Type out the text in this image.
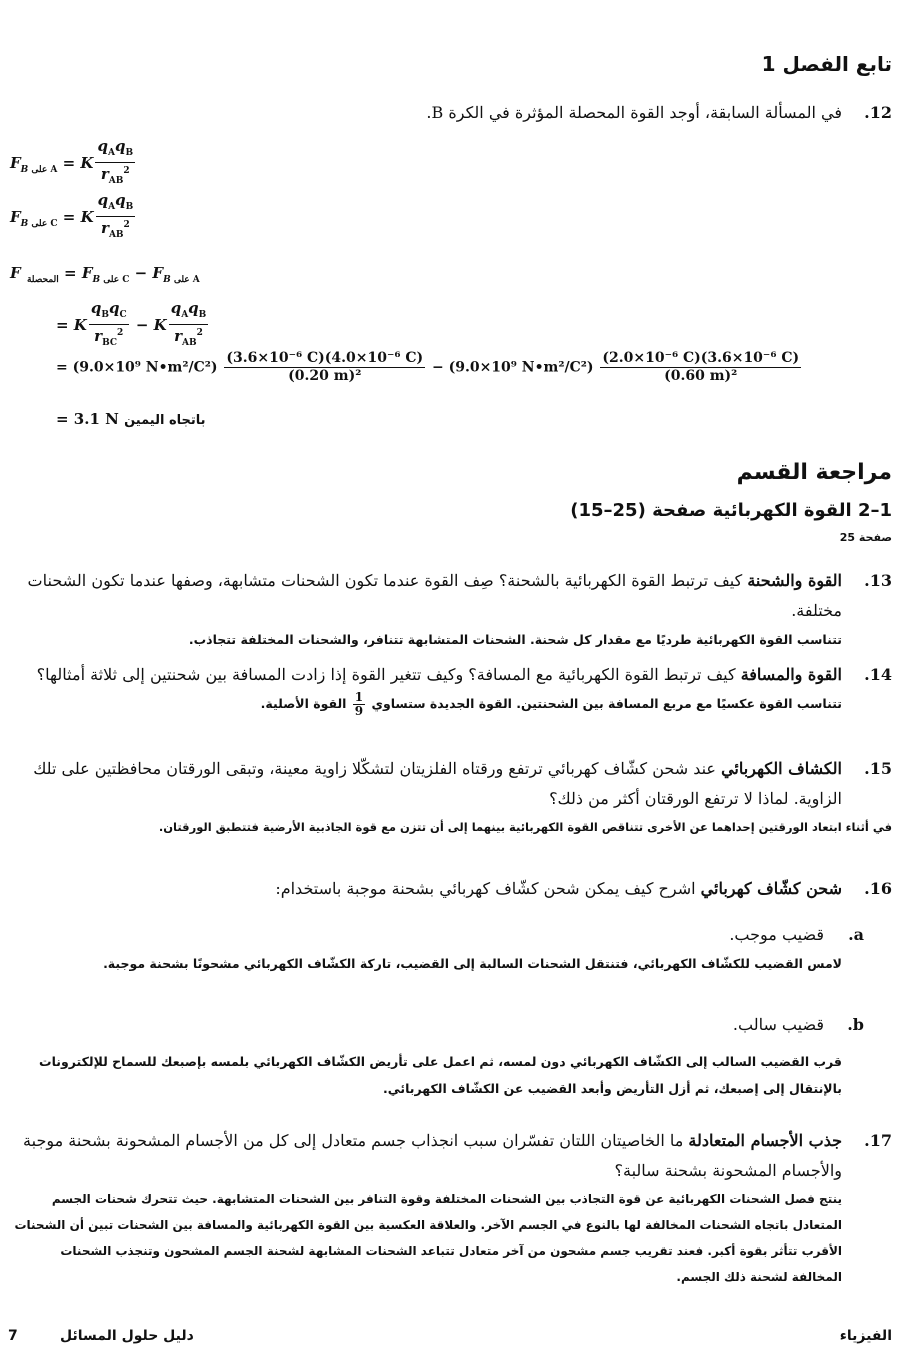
تابع الفصل 1
.12
في المسألة السابقة، أوجد القوة المحصلة المؤثرة في الكرة B.
$F_{B على A} = K \frac{q_Aq_B}{r_{AB}^2}$
$F_{B على C} = K \frac{q_Aq_B}{r_{AB}^2}$
F $_{المحصلة} = F_{B على C} - F_{B على A}$
= K $\frac{q_Bq_C}{r_{BC}^2} - K \frac{q_Aq_B}{r_{AB}^2}$
= (9.0×10⁹ N•m²/C²) $\frac{\text{(3.6×10⁻⁶ C)(4.0×10⁻⁶ C)}}{\text{(0.20 m)²}} - (9.0\times 10^9$ N•m²/C²) $\frac{\text{(2.0×10⁻⁶ C)(3.6×10⁻⁶ C)}}{\text{(0.60 m)²}}$
= 3.1 N باتجاه اليمين
مراجعة القسم
1–2 القوة الكهربائية صفحة (25–15)
صفحة 25
.13
القوة والشحنة كيف ترتبط القوة الكهربائية بالشحنة؟ صِف القوة عندما تكون الشحنات متشابهة، وصفها عندما تكون الشحنات مختلفة.
تتناسب القوة الكهربائية طرديًا مع مقدار كل شحنة. الشحنات المتشابهة تتنافر، والشحنات المختلفة تتجاذب.
.14
القوة والمسافة كيف ترتبط القوة الكهربائية مع المسافة؟ وكيف تتغير القوة إذا زادت المسافة بين شحنتين إلى ثلاثة أمثالها؟
تتناسب القوة عكسيًا مع مربع المسافة بين الشحنتين. القوة الجديدة ستساوي
$\frac{1}{9}$
القوة الأصلية.
.15
الكشاف الكهربائي عند شحن كشّاف كهربائي ترتفع ورقتاه الفلزيتان لتشكّلا زاوية معينة، وتبقى الورقتان محافظتين على تلك الزاوية. لماذا لا ترتفع الورقتان أكثر من ذلك؟
في أثناء ابتعاد الورقتين إحداهما عن الأخرى تتناقص القوة الكهربائية بينهما إلى أن تتزن مع قوة الجاذبية الأرضية فتتطبق الورقتان.
.16
شحن كشّاف كهربائي اشرح كيف يمكن شحن كشّاف كهربائي بشحنة موجبة باستخدام:
.a
قضيب موجب.
لامس القضيب للكشّاف الكهربائي، فتنتقل الشحنات السالبة إلى القضيب، تاركة الكشّاف الكهربائي مشحونًا بشحنة موجبة.
.b
قضيب سالب.
قرب القضيب السالب إلى الكشّاف الكهربائي دون لمسه، ثم اعمل على تأريض الكشّاف الكهربائي بلمسه بإصبعك للسماح للإلكترونات بالإنتقال إلى إصبعك، ثم أزل التأريض وأبعد القضيب عن الكشّاف الكهربائي.
.17
جذب الأجسام المتعادلة ما الخاصيتان اللتان تفسّران سبب انجذاب جسم متعادل إلى كل من الأجسام المشحونة بشحنة موجبة والأجسام المشحونة بشحنة سالبة؟
ينتج فصل الشحنات الكهربائية عن قوة التجاذب بين الشحنات المختلفة وقوة التنافر بين الشحنات المتشابهة. حيث تتحرك شحنات الجسم المتعادل باتجاه الشحنات المخالفة لها بالنوع في الجسم الآخر. والعلاقة العكسية بين القوة الكهربائية والمسافة بين الشحنات تبين أن الشحنات الأقرب تتأثر بقوة أكبر. فعند تقريب جسم مشحون من آخر متعادل تتباعد الشحنات المشابهة لشحنة الجسم المشحون وتنجذب الشحنات المخالفة لشحنة ذلك الجسم.
الفيزياء
دليل حلول المسائل
7
